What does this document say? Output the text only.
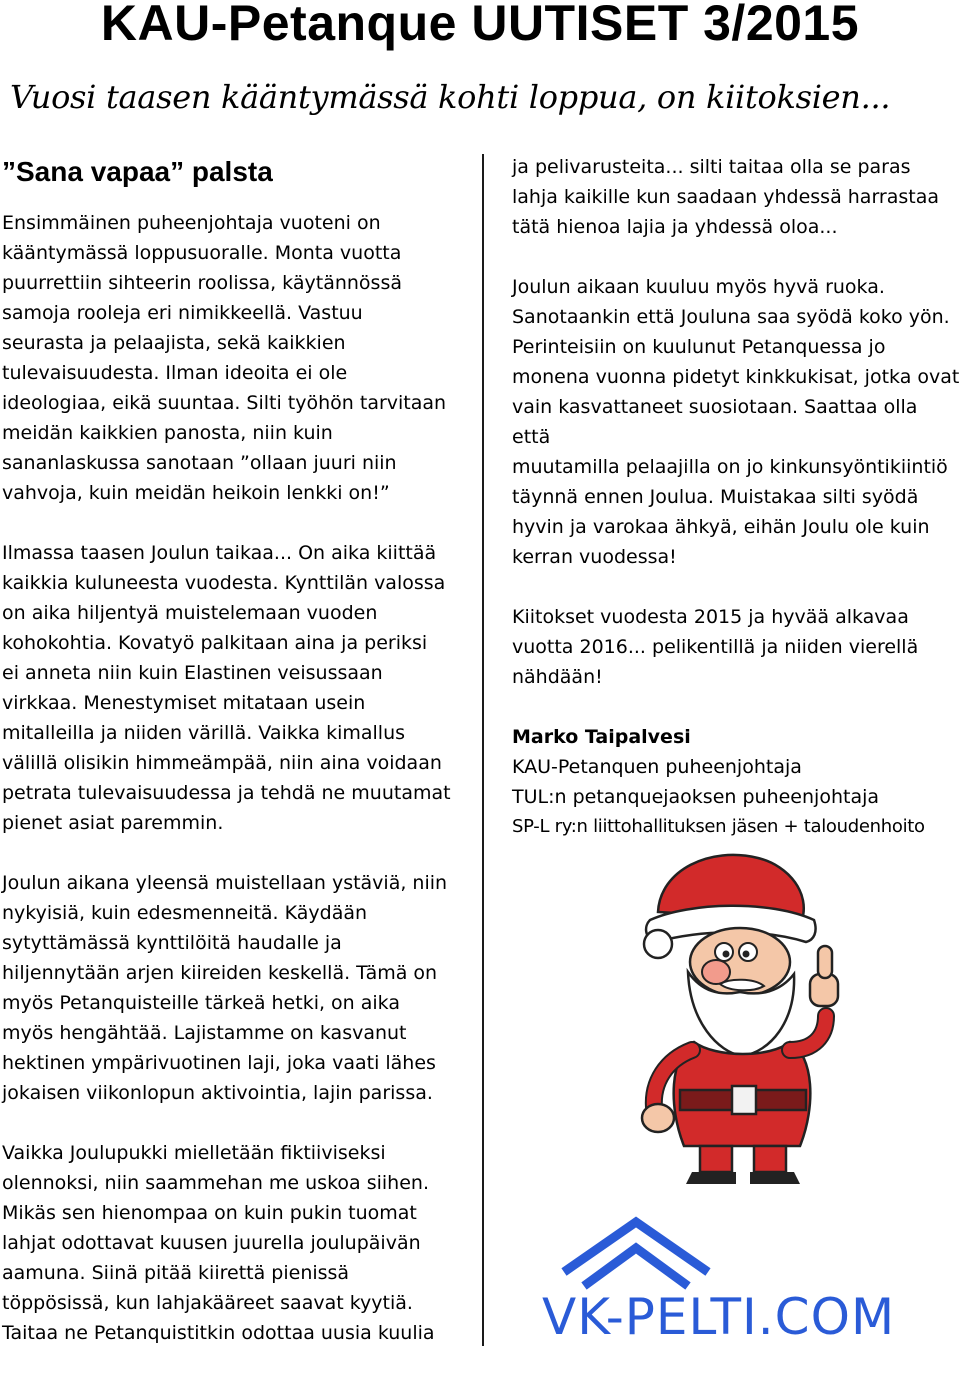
KAU-Petanque UUTISET 3/2015
Vuosi taasen kääntymässä kohti loppua, on kiitoksien...
”Sana vapaa” palsta

Ensimmäinen puheenjohtaja vuoteni on
kääntymässä loppusuoralle. Monta vuotta
puurrettiin sihteerin roolissa, käytännössä
samoja rooleja eri nimikkeellä. Vastuu
seurasta ja pelaajista, sekä kaikkien
tulevaisuudesta. Ilman ideoita ei ole
ideologiaa, eikä suuntaa. Silti työhön tarvitaan
meidän kaikkien panosta, niin kuin
sananlaskussa sanotaan ”ollaan juuri niin
vahvoja, kuin meidän heikoin lenkki on!”

Ilmassa taasen Joulun taikaa... On aika kiittää
kaikkia kuluneesta vuodesta. Kynttilän valossa
on aika hiljentyä muistelemaan vuoden
kohokohtia. Kovatyö palkitaan aina ja periksi
ei anneta niin kuin Elastinen veisussaan
virkkaa. Menestymiset mitataan usein
mitalleilla ja niiden värillä. Vaikka kimallus
välillä olisikin himmeämpää, niin aina voidaan
petrata tulevaisuudessa ja tehdä ne muutamat
pienet asiat paremmin.

Joulun aikana yleensä muistellaan ystäviä, niin
nykyisiä, kuin edesmenneitä. Käydään
sytyttämässä kynttilöitä haudalle ja
hiljennytään arjen kiireiden keskellä. Tämä on
myös Petanquisteille tärkeä hetki, on aika
myös hengähtää. Lajistamme on kasvanut
hektinen ympärivuotinen laji, joka vaati lähes
jokaisen viikonlopun aktivointia, lajin parissa.

Vaikka Joulupukki mielletään fiktiiviseksi
olennoksi, niin saammehan me uskoa siihen.
Mikäs sen hienompaa on kuin pukin tuomat
lahjat odottavat kuusen juurella joulupäivän
aamuna. Siinä pitää kiirettä pienissä
töppösissä, kun lahjakääreet saavat kyytiä.
Taitaa ne Petanquistitkin odottaa uusia kuulia

ja pelivarusteita... silti taitaa olla se paras
lahja kaikille kun saadaan yhdessä harrastaa
tätä hienoa lajia ja yhdessä oloa...

Joulun aikaan kuuluu myös hyvä ruoka.
Sanotaankin että Jouluna saa syödä koko yön.
Perinteisiin on kuulunut Petanquessa jo
monena vuonna pidetyt kinkkukisat, jotka ovat
vain kasvattaneet suosiotaan. Saattaa olla että
muutamilla pelaajilla on jo kinkunsyöntikiintiö
täynnä ennen Joulua. Muistakaa silti syödä
hyvin ja varokaa ähkyä, eihän Joulu ole kuin
kerran vuodessa!

Kiitokset vuodesta 2015 ja hyvää alkavaa
vuotta 2016... pelikentillä ja niiden vierellä
nähdään!

Marko Taipalvesi
KAU-Petanquen puheenjohtaja
TUL:n petanquejaoksen puheenjohtaja
SP-L ry:n liittohallituksen jäsen + taloudenhoito
VK-PELTI.COM
